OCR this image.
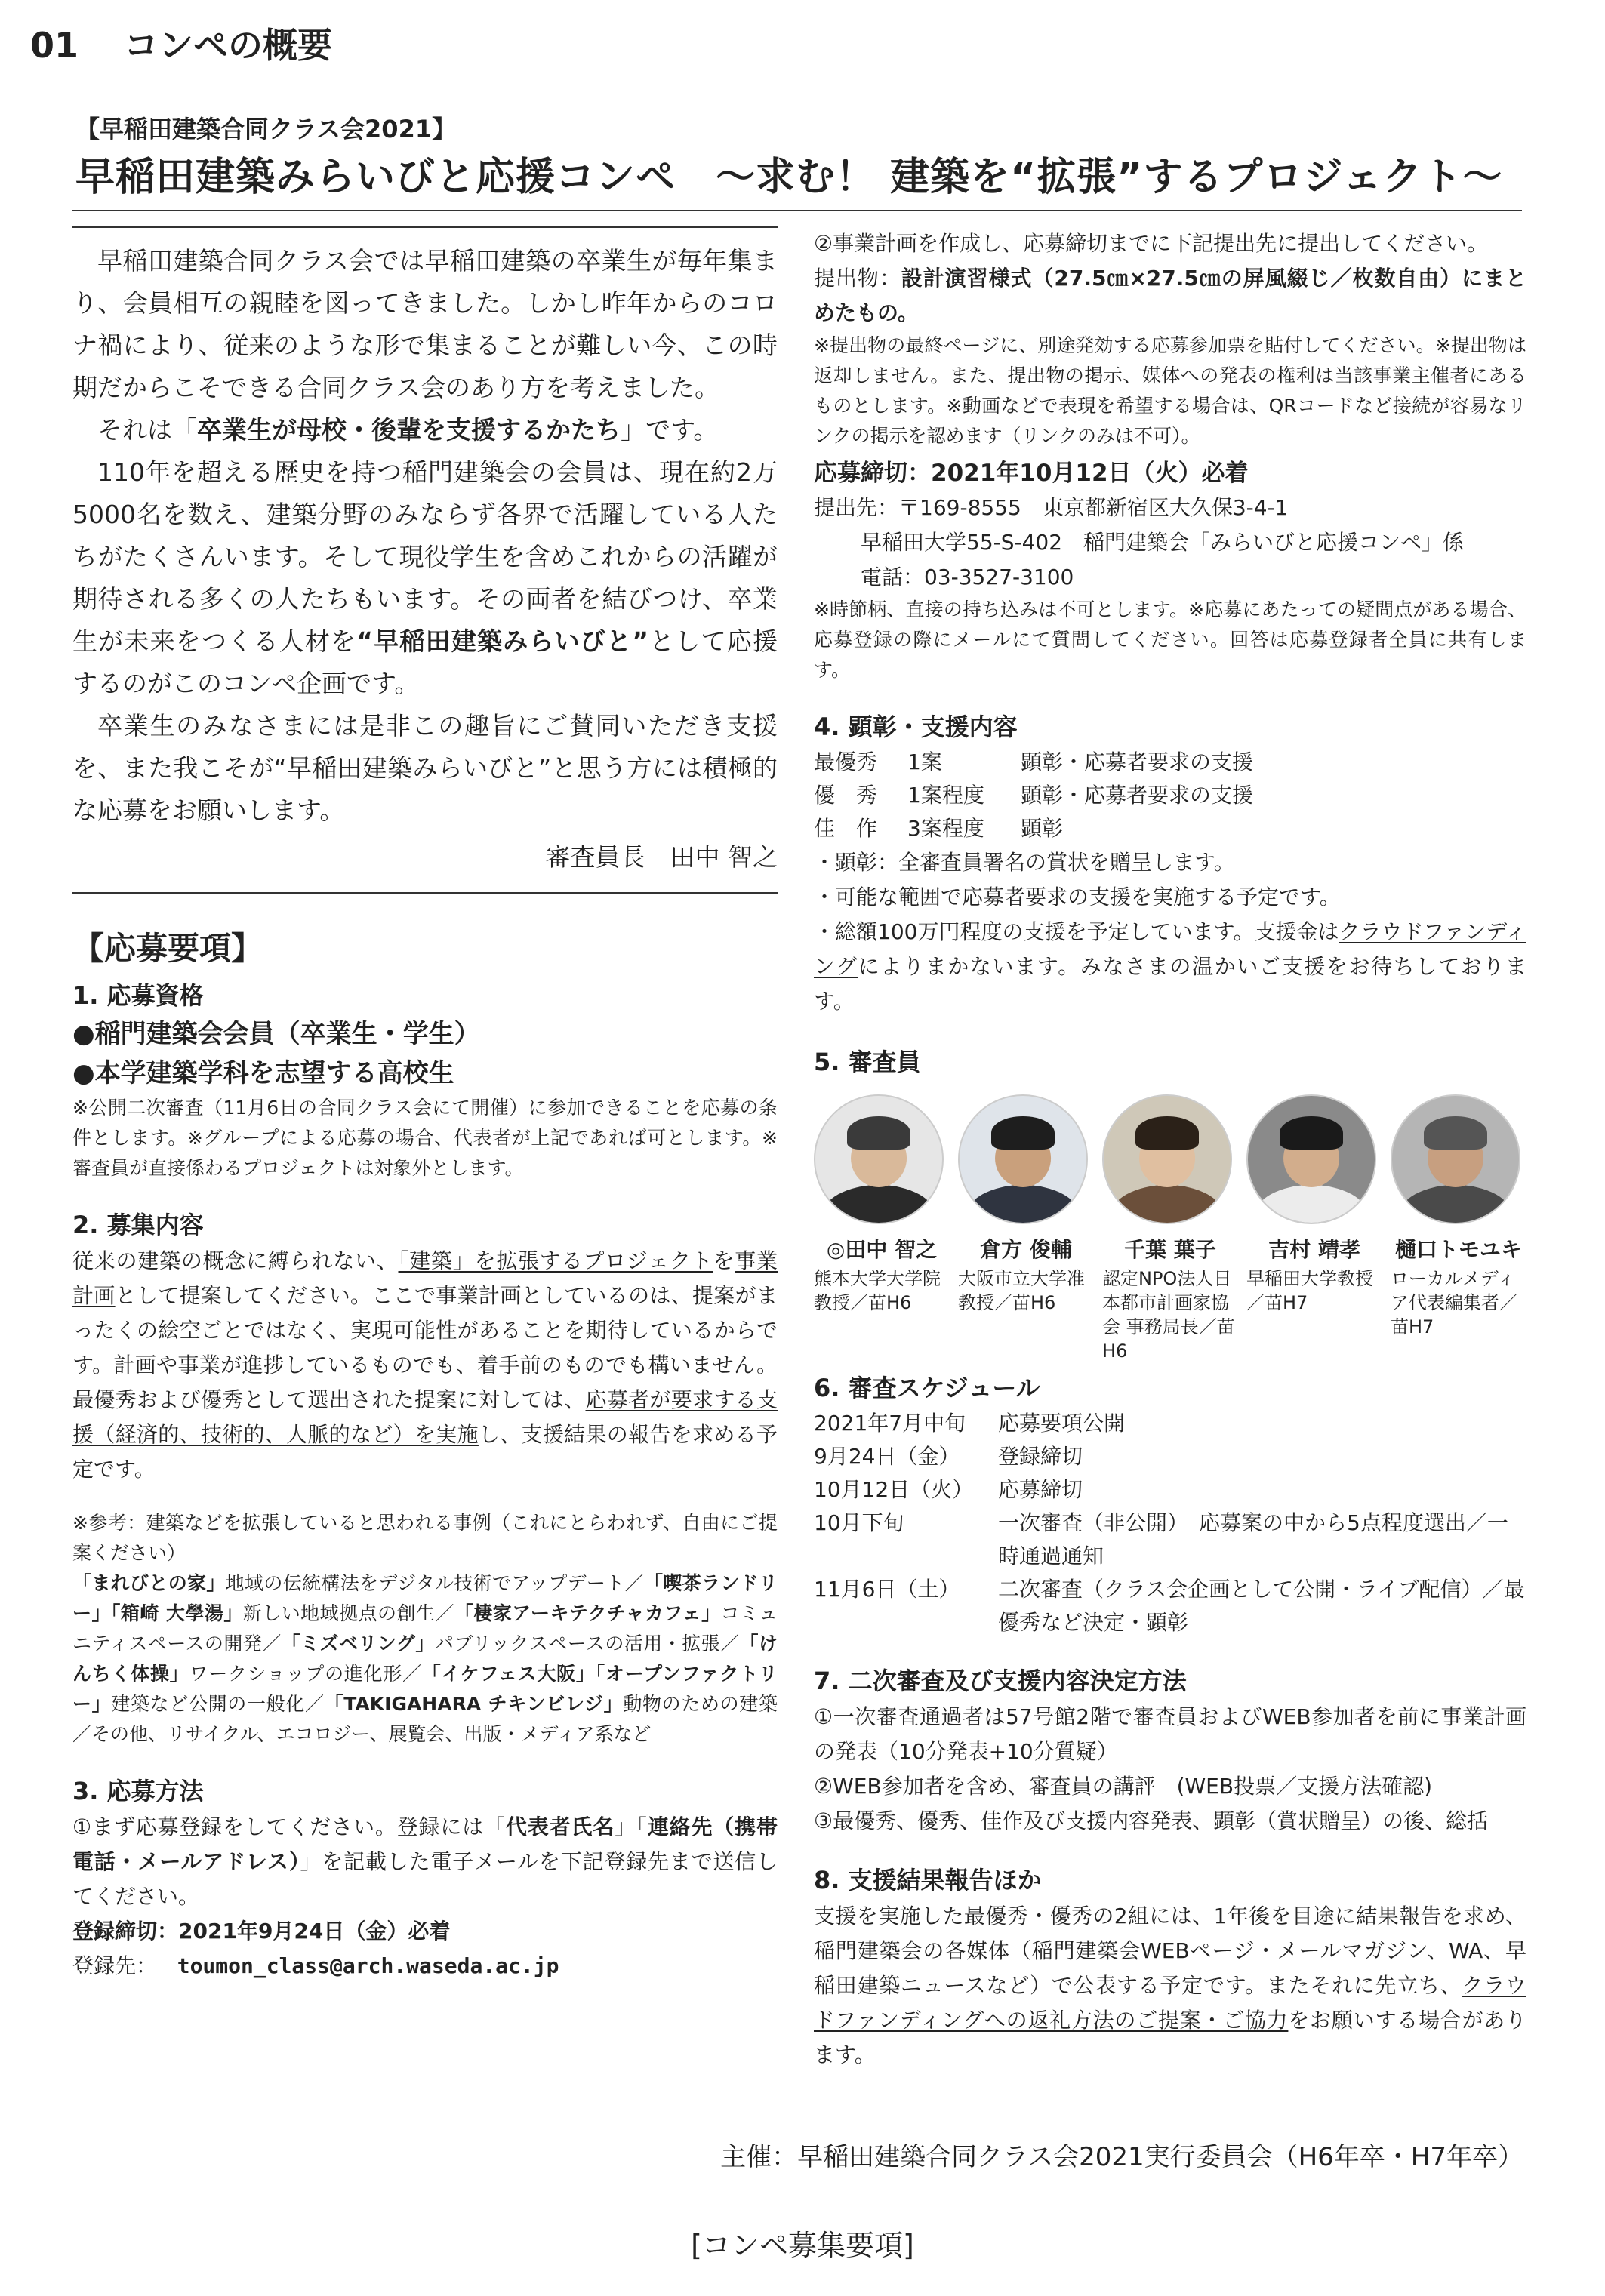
01 コンペの概要
【早稲田建築合同クラス会2021】
早稲田建築みらいびと応援コンペ　～求む！ 建築を“拡張”するプロジェクト～

早稲田建築合同クラス会では早稲田建築の卒業生が毎年集まり、会員相互の親睦を図ってきました。しかし昨年からのコロナ禍により、従来のような形で集まることが難しい今、この時期だからこそできる合同クラス会のあり方を考えました。

それは「卒業生が母校・後輩を支援するかたち」です。

110年を超える歴史を持つ稲門建築会の会員は、現在約2万5000名を数え、建築分野のみならず各界で活躍している人たちがたくさんいます。そして現役学生を含めこれからの活躍が期待される多くの人たちもいます。その両者を結びつけ、卒業生が未来をつくる人材を“早稲田建築みらいびと”として応援するのがこのコンペ企画です。

卒業生のみなさまには是非この趣旨にご賛同いただき支援を、また我こそが“早稲田建築みらいびと”と思う方には積極的な応募をお願いします。

審査員長　田中 智之

【応募要項】
1. 応募資格
●稲門建築会会員（卒業生・学生）
●本学建築学科を志望する高校生
※公開二次審査（11月6日の合同クラス会にて開催）に参加できることを応募の条件とします。※グループによる応募の場合、代表者が上記であれば可とします。※審査員が直接係わるプロジェクトは対象外とします。
2. 募集内容
従来の建築の概念に縛られない、「建築」を拡張するプロジェクトを事業計画として提案してください。ここで事業計画としているのは、提案がまったくの絵空ごとではなく、実現可能性があることを期待しているからです。計画や事業が進捗しているものでも、着手前のものでも構いません。最優秀および優秀として選出された提案に対しては、応募者が要求する支援（経済的、技術的、人脈的など）を実施し、支援結果の報告を求める予定です。
※参考：建築などを拡張していると思われる事例（これにとらわれず、自由にご提案ください）
「まれびとの家」地域の伝統構法をデジタル技術でアップデート／「喫茶ランドリー」「箱崎 大學湯」新しい地域拠点の創生／「棲家アーキテクチャカフェ」コミュニティスペースの開発／「ミズベリング」パブリックスペースの活用・拡張／「けんちく体操」ワークショップの進化形／「イケフェス大阪」「オープンファクトリー」建築など公開の一般化／「TAKIGAHARA チキンビレジ」動物のための建築／その他、リサイクル、エコロジー、展覧会、出版・メディア系など
3. 応募方法
①まず応募登録をしてください。登録には「代表者氏名」「連絡先（携帯電話・メールアドレス）」を記載した電子メールを下記登録先まで送信してください。
登録締切：2021年9月24日（金）必着
登録先： toumon_class@arch.waseda.ac.jp
②事業計画を作成し、応募締切までに下記提出先に提出してください。
提出物：設計演習様式（27.5㎝×27.5㎝の屏風綴じ／枚数自由）にまとめたもの。
※提出物の最終ページに、別途発効する応募参加票を貼付してください。※提出物は返却しません。また、提出物の掲示、媒体への発表の権利は当該事業主催者にあるものとします。※動画などで表現を希望する場合は、QRコードなど接続が容易なリンクの掲示を認めます（リンクのみは不可）。
応募締切：2021年10月12日（火）必着
提出先：〒169-8555　東京都新宿区大久保3-4-1
早稲田大学55-S-402　稲門建築会「みらいびと応援コンペ」係
電話：03-3527-3100
※時節柄、直接の持ち込みは不可とします。※応募にあたっての疑問点がある場合、応募登録の際にメールにて質問してください。回答は応募登録者全員に共有します。
4. 顕彰・支援内容
最優秀	1案	顕彰・応募者要求の支援
優　秀	1案程度	顕彰・応募者要求の支援
佳　作	3案程度	顕彰
・顕彰：全審査員署名の賞状を贈呈します。
・可能な範囲で応募者要求の支援を実施する予定です。
・総額100万円程度の支援を予定しています。支援金はクラウドファンディングによりまかないます。みなさまの温かいご支援をお待ちしております。
5. 審査員
◎田中 智之
熊本大学大学院教授／苗H6
倉方 俊輔
大阪市立大学准教授／苗H6
千葉 葉子
認定NPO法人日本都市計画家協会 事務局長／苗H6
吉村 靖孝
早稲田大学教授／苗H7
樋口トモユキ
ローカルメディア代表編集者／苗H7
6. 審査スケジュール
2021年7月中旬	応募要項公開
9月24日（金）	登録締切
10月12日（火）	応募締切
10月下旬	一次審査（非公開）　応募案の中から5点程度選出／一時通過通知
11月6日（土）	二次審査（クラス会企画として公開・ライブ配信）／最優秀など決定・顕彰
7. 二次審査及び支援内容決定方法
①一次審査通過者は57号館2階で審査員およびWEB参加者を前に事業計画の発表（10分発表+10分質疑）
②WEB参加者を含め、審査員の講評　(WEB投票／支援方法確認)
③最優秀、優秀、佳作及び支援内容発表、顕彰（賞状贈呈）の後、総括
8. 支援結果報告ほか
支援を実施した最優秀・優秀の2組には、1年後を目途に結果報告を求め、稲門建築会の各媒体（稲門建築会WEBページ・メールマガジン、WA、早稲田建築ニュースなど）で公表する予定です。またそれに先立ち、クラウドファンディングへの返礼方法のご提案・ご協力をお願いする場合があります。
主催：早稲田建築合同クラス会2021実行委員会（H6年卒・H7年卒）
[コンペ募集要項]
